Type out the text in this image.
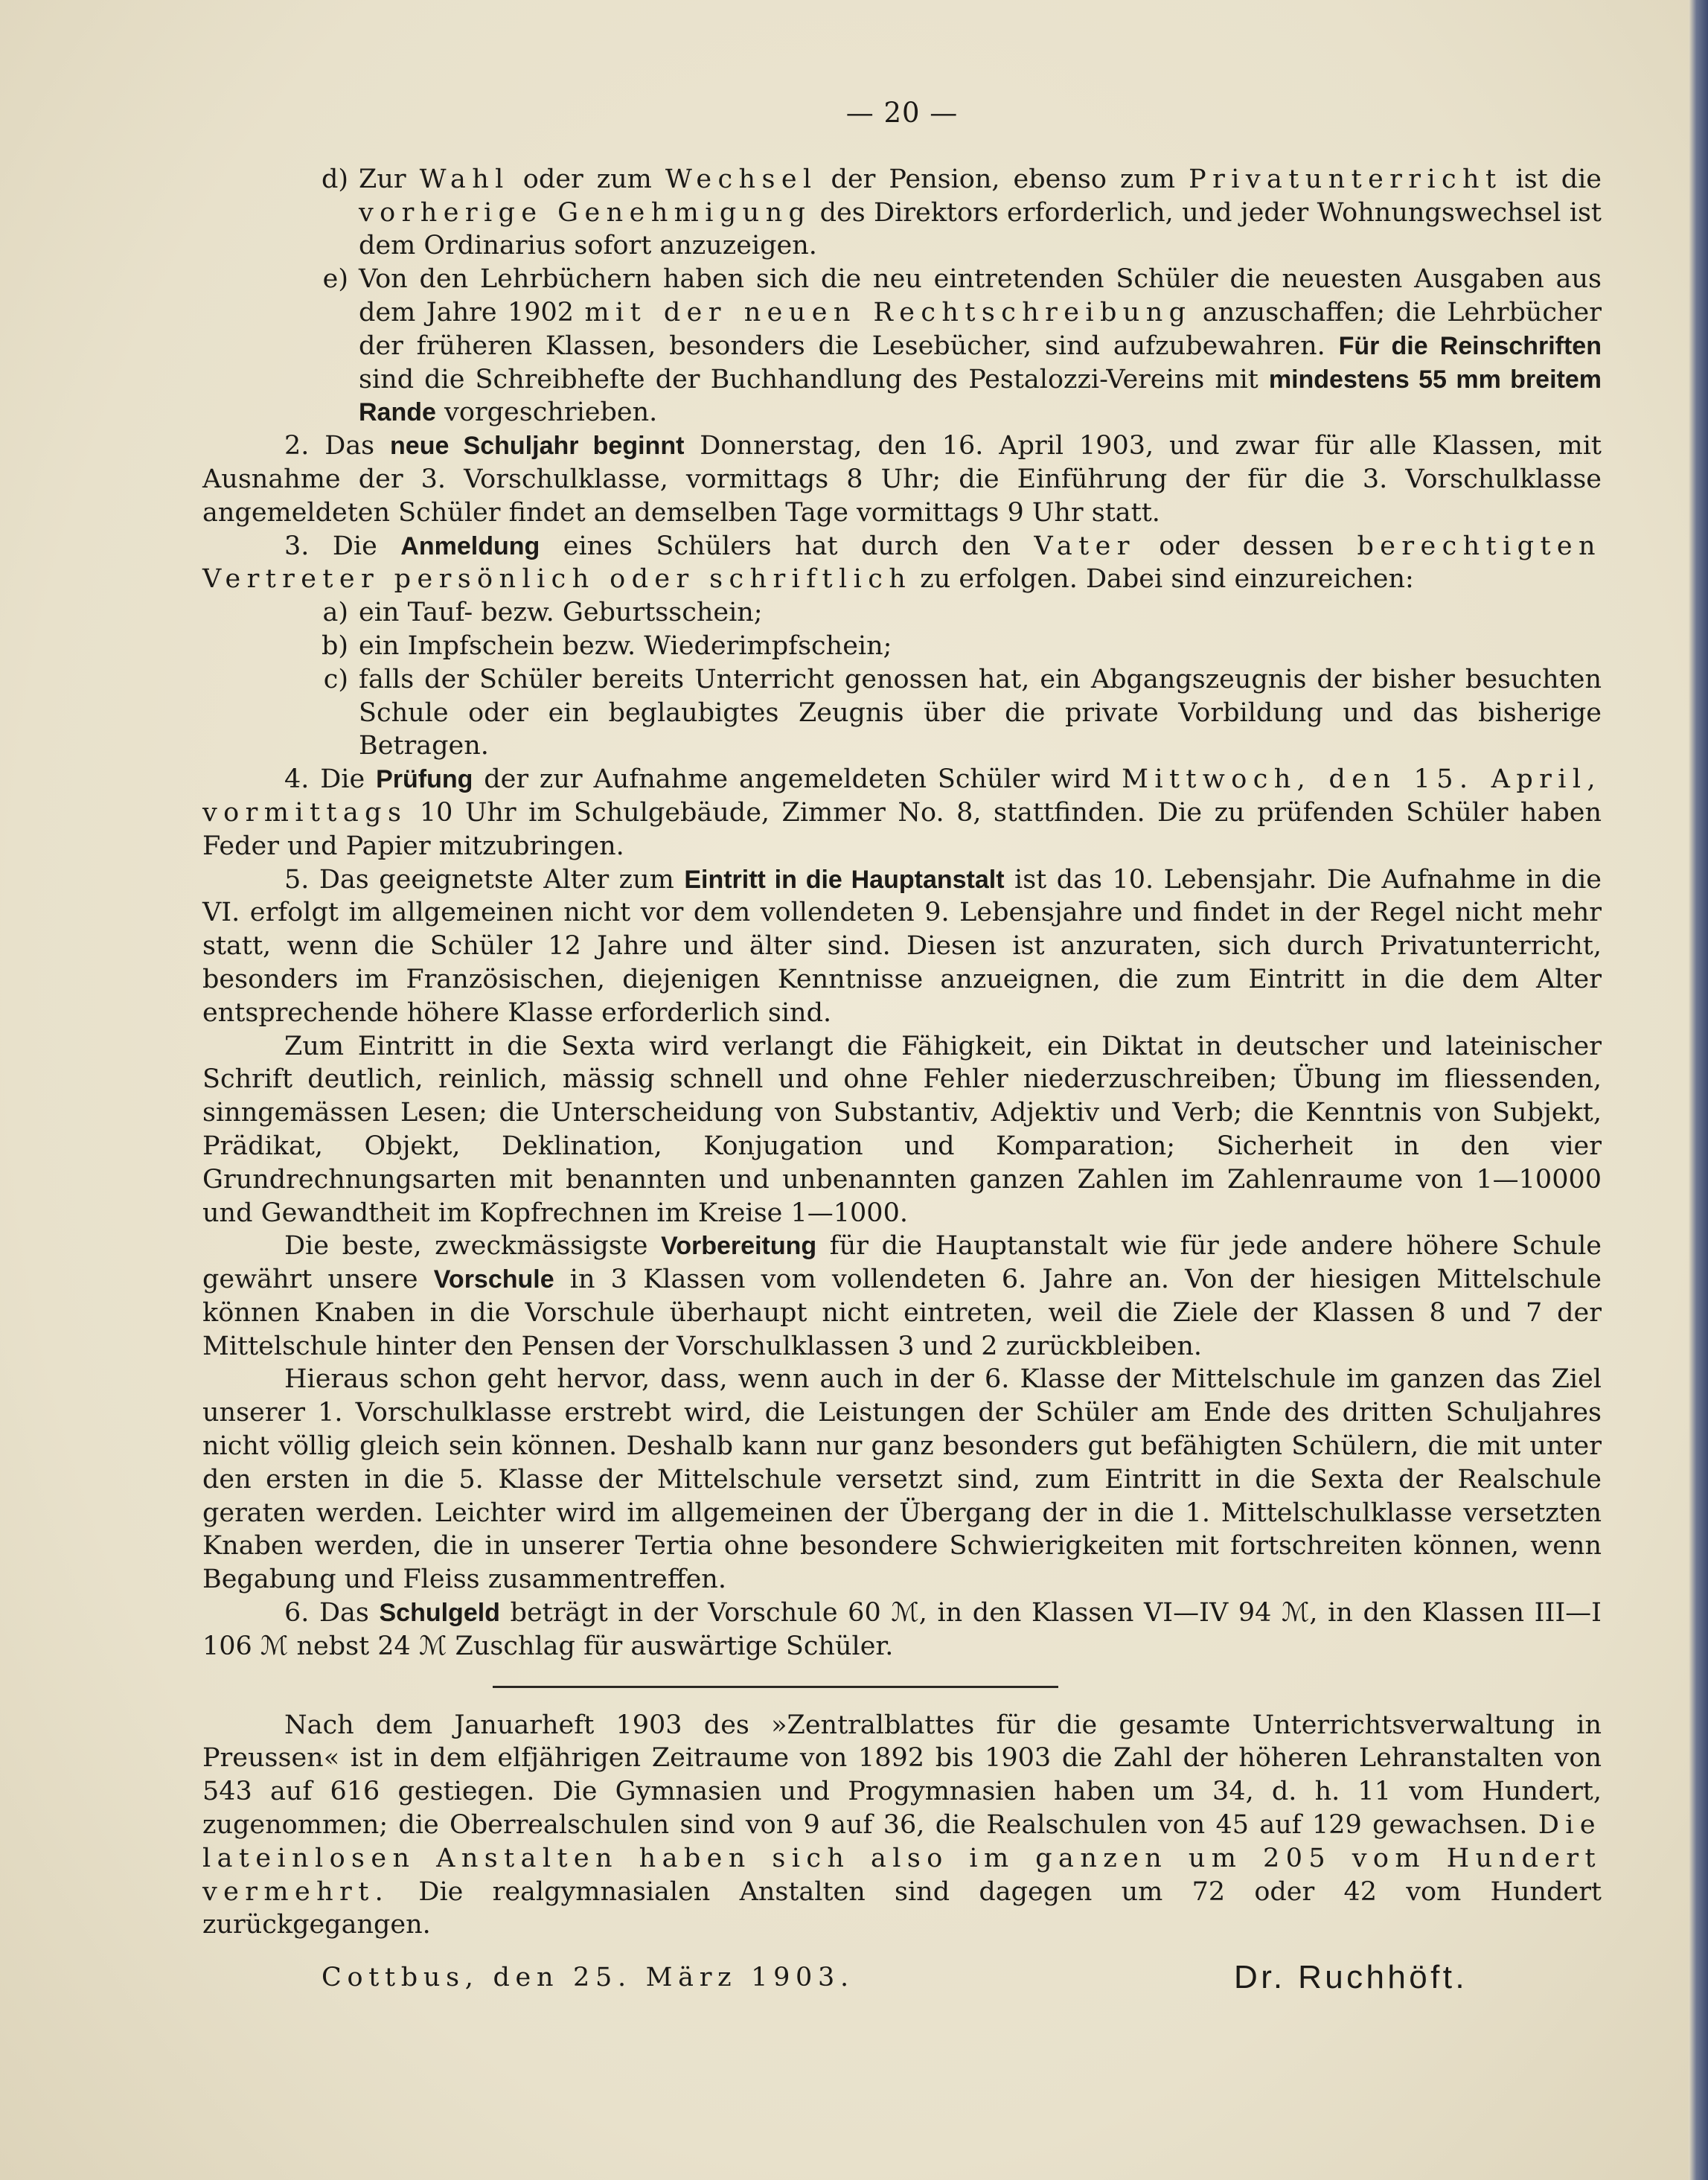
— 20 —
d) Zur Wahl oder zum Wechsel der Pension, ebenso zum Privatunterricht ist die vorherige Genehmigung des Direktors erforderlich, und jeder Wohnungswechsel ist dem Ordinarius sofort anzuzeigen.
e) Von den Lehrbüchern haben sich die neu eintretenden Schüler die neuesten Ausgaben aus dem Jahre 1902 mit der neuen Rechtschreibung anzuschaffen; die Lehrbücher der früheren Klassen, besonders die Lesebücher, sind aufzubewahren. Für die Reinschriften sind die Schreibhefte der Buchhandlung des Pestalozzi-Vereins mit mindestens 55 mm breitem Rande vorgeschrieben.

2. Das neue Schuljahr beginnt Donnerstag, den 16. April 1903, und zwar für alle Klassen, mit Ausnahme der 3. Vorschulklasse, vormittags 8 Uhr; die Einführung der für die 3. Vorschulklasse angemeldeten Schüler findet an demselben Tage vormittags 9 Uhr statt.

3. Die Anmeldung eines Schülers hat durch den Vater oder dessen berechtigten Vertreter persönlich oder schriftlich zu erfolgen. Dabei sind einzureichen:

a) ein Tauf- bezw. Geburtsschein;
b) ein Impfschein bezw. Wiederimpfschein;
c) falls der Schüler bereits Unterricht genossen hat, ein Abgangszeugnis der bisher besuchten Schule oder ein beglaubigtes Zeugnis über die private Vorbildung und das bisherige Betragen.

4. Die Prüfung der zur Aufnahme angemeldeten Schüler wird Mittwoch, den 15. April, vormittags 10 Uhr im Schulgebäude, Zimmer No. 8, stattfinden. Die zu prüfenden Schüler haben Feder und Papier mitzubringen.

5. Das geeignetste Alter zum Eintritt in die Hauptanstalt ist das 10. Lebensjahr. Die Aufnahme in die VI. erfolgt im allgemeinen nicht vor dem vollendeten 9. Lebensjahre und findet in der Regel nicht mehr statt, wenn die Schüler 12 Jahre und älter sind. Diesen ist anzuraten, sich durch Privatunterricht, besonders im Französischen, diejenigen Kenntnisse anzueignen, die zum Eintritt in die dem Alter entsprechende höhere Klasse erforderlich sind.

Zum Eintritt in die Sexta wird verlangt die Fähigkeit, ein Diktat in deutscher und lateinischer Schrift deutlich, reinlich, mässig schnell und ohne Fehler niederzuschreiben; Übung im fliessenden, sinngemässen Lesen; die Unterscheidung von Substantiv, Adjektiv und Verb; die Kenntnis von Subjekt, Prädikat, Objekt, Deklination, Konjugation und Komparation; Sicherheit in den vier Grundrechnungsarten mit benannten und unbenannten ganzen Zahlen im Zahlenraume von 1—10000 und Gewandtheit im Kopfrechnen im Kreise 1—1000.

Die beste, zweckmässigste Vorbereitung für die Hauptanstalt wie für jede andere höhere Schule gewährt unsere Vorschule in 3 Klassen vom vollendeten 6. Jahre an. Von der hiesigen Mittelschule können Knaben in die Vorschule überhaupt nicht eintreten, weil die Ziele der Klassen 8 und 7 der Mittelschule hinter den Pensen der Vorschulklassen 3 und 2 zurückbleiben.

Hieraus schon geht hervor, dass, wenn auch in der 6. Klasse der Mittelschule im ganzen das Ziel unserer 1. Vorschulklasse erstrebt wird, die Leistungen der Schüler am Ende des dritten Schuljahres nicht völlig gleich sein können. Deshalb kann nur ganz besonders gut befähigten Schülern, die mit unter den ersten in die 5. Klasse der Mittelschule versetzt sind, zum Eintritt in die Sexta der Realschule geraten werden. Leichter wird im allgemeinen der Übergang der in die 1. Mittelschulklasse versetzten Knaben werden, die in unserer Tertia ohne besondere Schwierigkeiten mit fortschreiten können, wenn Begabung und Fleiss zusammentreffen.

6. Das Schulgeld beträgt in der Vorschule 60 ℳ, in den Klassen VI—IV 94 ℳ, in den Klassen III—I 106 ℳ nebst 24 ℳ Zuschlag für auswärtige Schüler.

Nach dem Januarheft 1903 des »Zentralblattes für die gesamte Unterrichtsverwaltung in Preussen« ist in dem elfjährigen Zeitraume von 1892 bis 1903 die Zahl der höheren Lehranstalten von 543 auf 616 gestiegen. Die Gymnasien und Progymnasien haben um 34, d. h. 11 vom Hundert, zugenommen; die Oberrealschulen sind von 9 auf 36, die Realschulen von 45 auf 129 gewachsen. Die lateinlosen Anstalten haben sich also im ganzen um 205 vom Hundert vermehrt. Die realgymnasialen Anstalten sind dagegen um 72 oder 42 vom Hundert zurückgegangen.

Cottbus, den 25. März 1903.	Dr. Ruchhöft.
